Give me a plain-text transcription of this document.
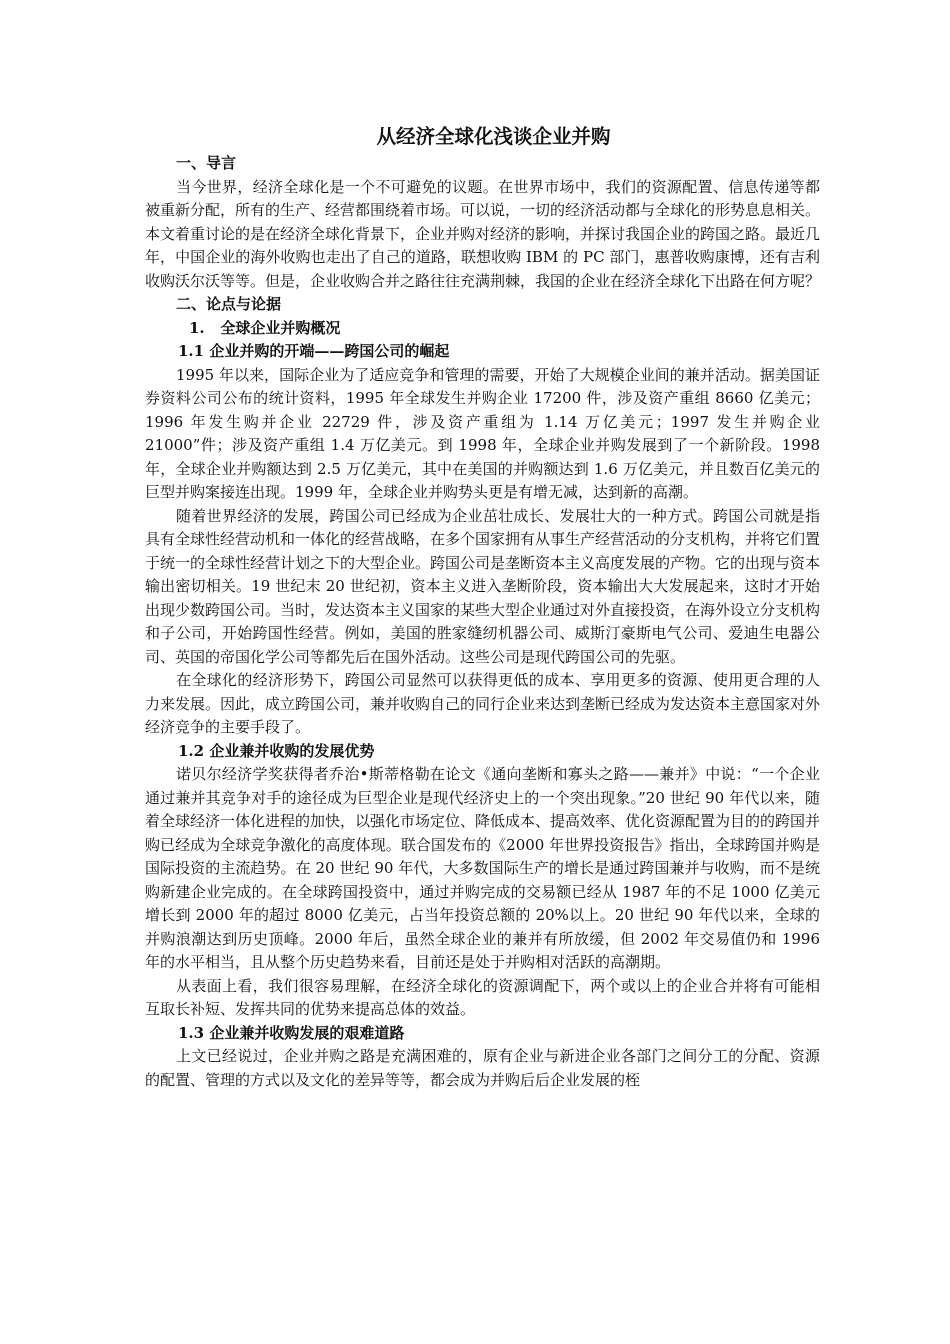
从经济全球化浅谈企业并购
一、导言

当今世界，经济全球化是一个不可避免的议题。在世界市场中，我们的资源配置、信息传递等都被重新分配，所有的生产、经营都围绕着市场。可以说，一切的经济活动都与全球化的形势息息相关。本文着重讨论的是在经济全球化背景下，企业并购对经济的影响，并探讨我国企业的跨国之路。最近几年，中国企业的海外收购也走出了自己的道路，联想收购 IBM 的 PC 部门，惠普收购康博，还有吉利收购沃尔沃等等。但是，企业收购合并之路往往充满荆棘，我国的企业在经济全球化下出路在何方呢？

二、论点与论据
1.   全球企业并购概况
1.1 企业并购的开端——跨国公司的崛起

1995 年以来，国际企业为了适应竞争和管理的需要，开始了大规模企业间的兼并活动。据美国证券资料公司公布的统计资料，1995 年全球发生并购企业 17200 件，涉及资产重组 8660 亿美元；1996 年发生购并企业 22729 件，涉及资产重组为 1.14 万亿美元；1997 发生并购企业 21000”件；涉及资产重组 1.4 万亿美元。到 1998 年，全球企业并购发展到了一个新阶段。1998 年，全球企业并购额达到 2.5 万亿美元，其中在美国的并购额达到 1.6 万亿美元，并且数百亿美元的巨型并购案接连出现。1999 年，全球企业并购势头更是有增无减，达到新的高潮。

随着世界经济的发展，跨国公司已经成为企业茁壮成长、发展壮大的一种方式。跨国公司就是指具有全球性经营动机和一体化的经营战略，在多个国家拥有从事生产经营活动的分支机构，并将它们置于统一的全球性经营计划之下的大型企业。跨国公司是垄断资本主义高度发展的产物。它的出现与资本输出密切相关。19 世纪末 20 世纪初，资本主义进入垄断阶段，资本输出大大发展起来，这时才开始出现少数跨国公司。当时，发达资本主义国家的某些大型企业通过对外直接投资，在海外设立分支机构和子公司，开始跨国性经营。例如，美国的胜家缝纫机器公司、威斯汀豪斯电气公司、爱迪生电器公司、英国的帝国化学公司等都先后在国外活动。这些公司是现代跨国公司的先驱。

在全球化的经济形势下，跨国公司显然可以获得更低的成本、享用更多的资源、使用更合理的人力来发展。因此，成立跨国公司，兼并收购自己的同行企业来达到垄断已经成为发达资本主意国家对外经济竞争的主要手段了。

1.2 企业兼并收购的发展优势

诺贝尔经济学奖获得者乔治•斯蒂格勒在论文《通向垄断和寡头之路——兼并》中说：“一个企业通过兼并其竞争对手的途径成为巨型企业是现代经济史上的一个突出现象。”20 世纪 90 年代以来，随着全球经济一体化进程的加快，以强化市场定位、降低成本、提高效率、优化资源配置为目的的跨国并购已经成为全球竞争激化的高度体现。联合国发布的《2000 年世界投资报告》指出，全球跨国并购是国际投资的主流趋势。在 20 世纪 90 年代，大多数国际生产的增长是通过跨国兼并与收购，而不是统购新建企业完成的。在全球跨国投资中，通过并购完成的交易额已经从 1987 年的不足 1000 亿美元增长到 2000 年的超过 8000 亿美元，占当年投资总额的 20%以上。20 世纪 90 年代以来，全球的并购浪潮达到历史顶峰。2000 年后，虽然全球企业的兼并有所放缓，但 2002 年交易值仍和 1996 年的水平相当，且从整个历史趋势来看，目前还是处于并购相对活跃的高潮期。

从表面上看，我们很容易理解，在经济全球化的资源调配下，两个或以上的企业合并将有可能相互取长补短、发挥共同的优势来提高总体的效益。

1.3 企业兼并收购发展的艰难道路

上文已经说过，企业并购之路是充满困难的，原有企业与新进企业各部门之间分工的分配、资源的配置、管理的方式以及文化的差异等等，都会成为并购后后企业发展的桎
